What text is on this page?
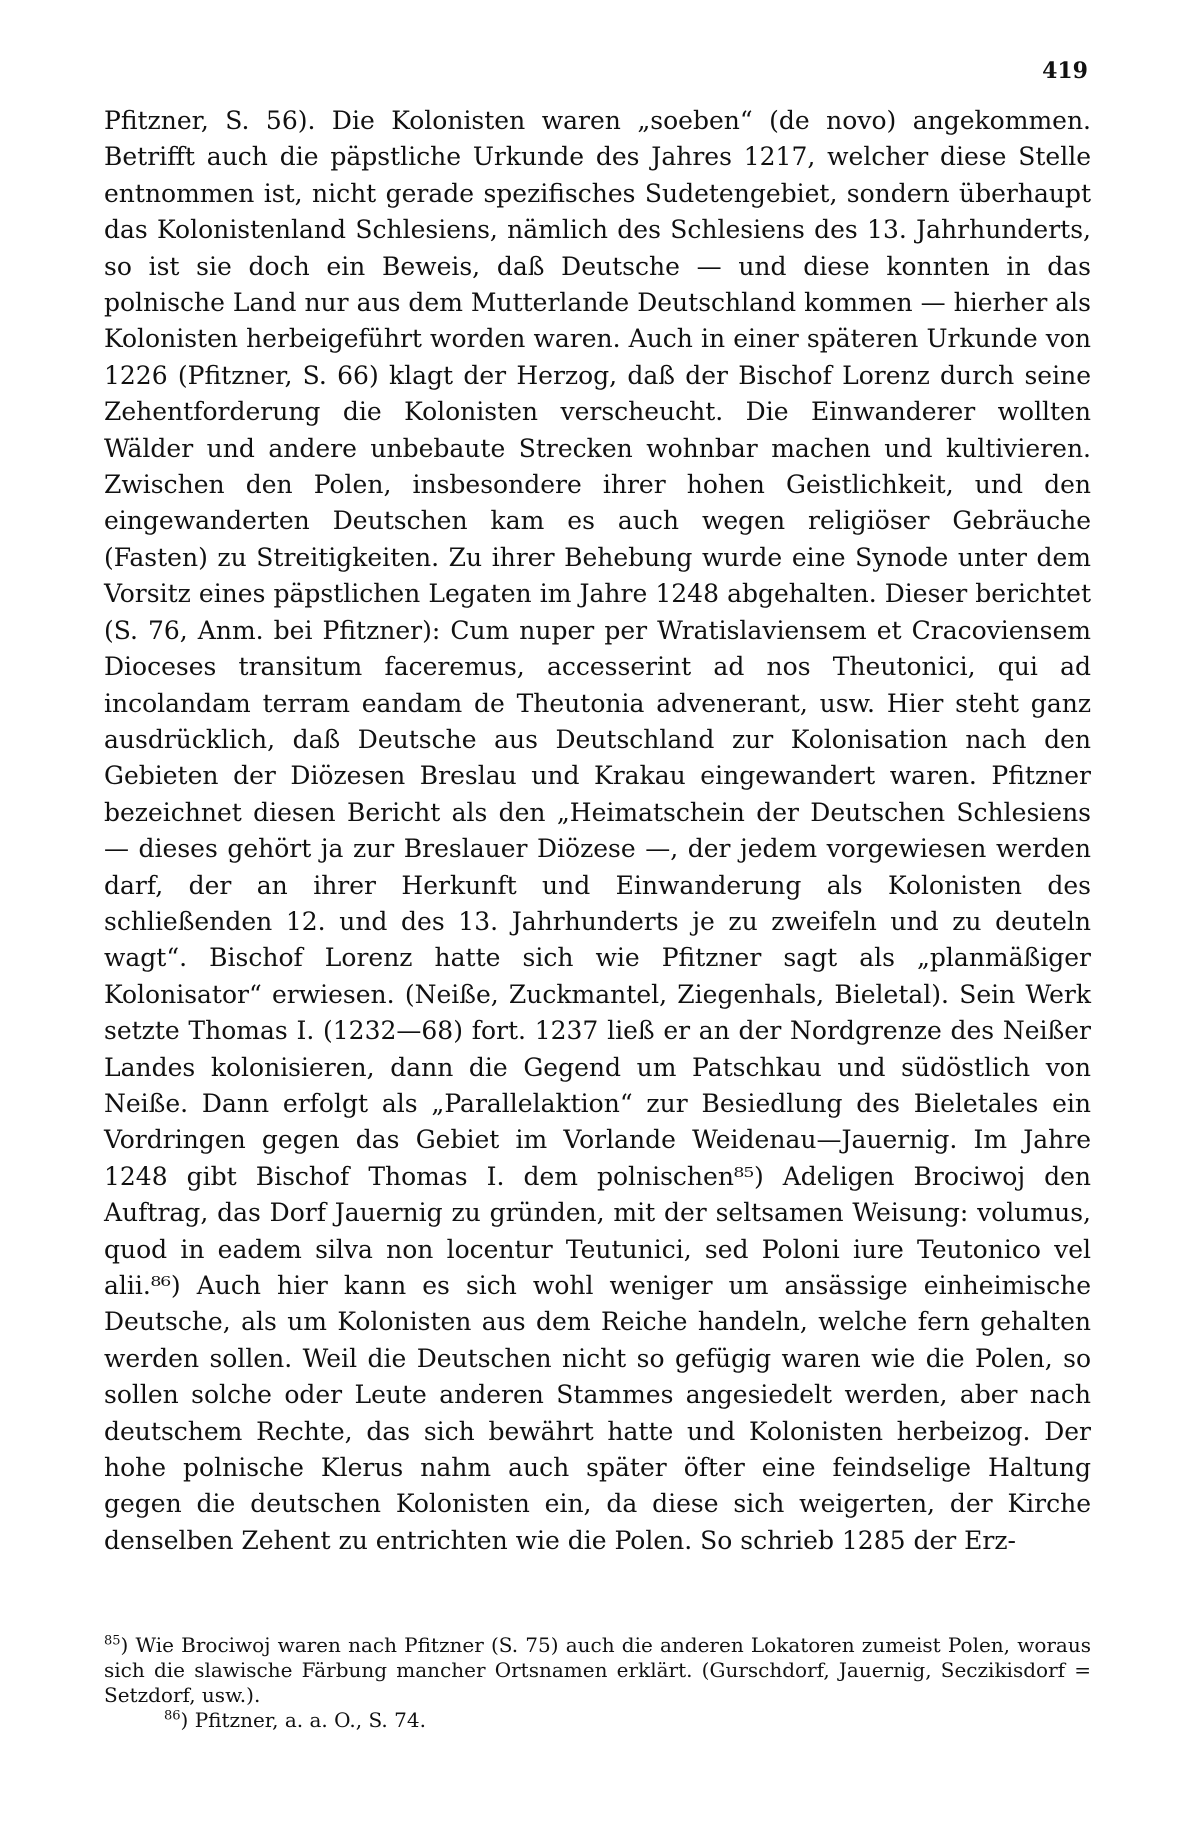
419

Pfitzner, S. 56). Die Kolonisten waren „soeben“ (de novo) angekommen. Betrifft auch die päpstliche Urkunde des Jahres 1217, welcher diese Stelle entnommen ist, nicht gerade spezifisches Sudetengebiet, sondern überhaupt das Kolonistenland Schlesiens, nämlich des Schlesiens des 13. Jahrhunderts, so ist sie doch ein Beweis, daß Deutsche — und diese konnten in das polnische Land nur aus dem Mutterlande Deutschland kommen — hierher als Kolonisten herbeigeführt worden waren. Auch in einer späteren Urkunde von 1226 (Pfitzner, S. 66) klagt der Herzog, daß der Bischof Lorenz durch seine Zehentforderung die Kolonisten verscheucht. Die Einwanderer wollten Wälder und andere unbebaute Strecken wohnbar machen und kultivieren. Zwischen den Polen, insbesondere ihrer hohen Geistlichkeit, und den eingewanderten Deutschen kam es auch wegen religiöser Gebräuche (Fasten) zu Streitigkeiten. Zu ihrer Behebung wurde eine Synode unter dem Vorsitz eines päpstlichen Legaten im Jahre 1248 abgehalten. Dieser berichtet (S. 76, Anm. bei Pfitzner): Cum nuper per Wratislaviensem et Cracoviensem Dioceses transitum faceremus, accesserint ad nos Theutonici, qui ad incolandam terram eandam de Theutonia advenerant, usw. Hier steht ganz ausdrücklich, daß Deutsche aus Deutschland zur Kolonisation nach den Gebieten der Diözesen Breslau und Krakau eingewandert waren. Pfitzner bezeichnet diesen Bericht als den „Heimatschein der Deutschen Schlesiens — dieses gehört ja zur Breslauer Diözese —, der jedem vorgewiesen werden darf, der an ihrer Herkunft und Einwanderung als Kolonisten des schließenden 12. und des 13. Jahrhunderts je zu zweifeln und zu deuteln wagt“. Bischof Lorenz hatte sich wie Pfitzner sagt als „planmäßiger Kolonisator“ erwiesen. (Neiße, Zuckmantel, Ziegenhals, Bieletal). Sein Werk setzte Thomas I. (1232—68) fort. 1237 ließ er an der Nordgrenze des Neißer Landes kolonisieren, dann die Gegend um Patschkau und südöstlich von Neiße. Dann erfolgt als „Parallelaktion“ zur Besiedlung des Bieletales ein Vordringen gegen das Gebiet im Vorlande Weidenau—Jauernig. Im Jahre 1248 gibt Bischof Thomas I. dem polnischen⁸⁵) Adeligen Brociwoj den Auftrag, das Dorf Jauernig zu gründen, mit der seltsamen Weisung: volumus, quod in eadem silva non locentur Teutunici, sed Poloni iure Teutonico vel alii.⁸⁶) Auch hier kann es sich wohl weniger um ansässige einheimische Deutsche, als um Kolonisten aus dem Reiche handeln, welche fern gehalten werden sollen. Weil die Deutschen nicht so gefügig waren wie die Polen, so sollen solche oder Leute anderen Stammes angesiedelt werden, aber nach deutschem Rechte, das sich bewährt hatte und Kolonisten herbeizog. Der hohe polnische Klerus nahm auch später öfter eine feindselige Haltung gegen die deutschen Kolonisten ein, da diese sich weigerten, der Kirche denselben Zehent zu entrichten wie die Polen. So schrieb 1285 der Erz-

$^{85}$) Wie Brociwoj waren nach Pfitzner (S. 75) auch die anderen Lokatoren zumeist Polen, woraus sich die slawische Färbung mancher Ortsnamen erklärt. (Gurschdorf, Jauernig, Seczikisdorf = Setzdorf, usw.).

$^{86}$) Pfitzner, a. a. O., S. 74.
